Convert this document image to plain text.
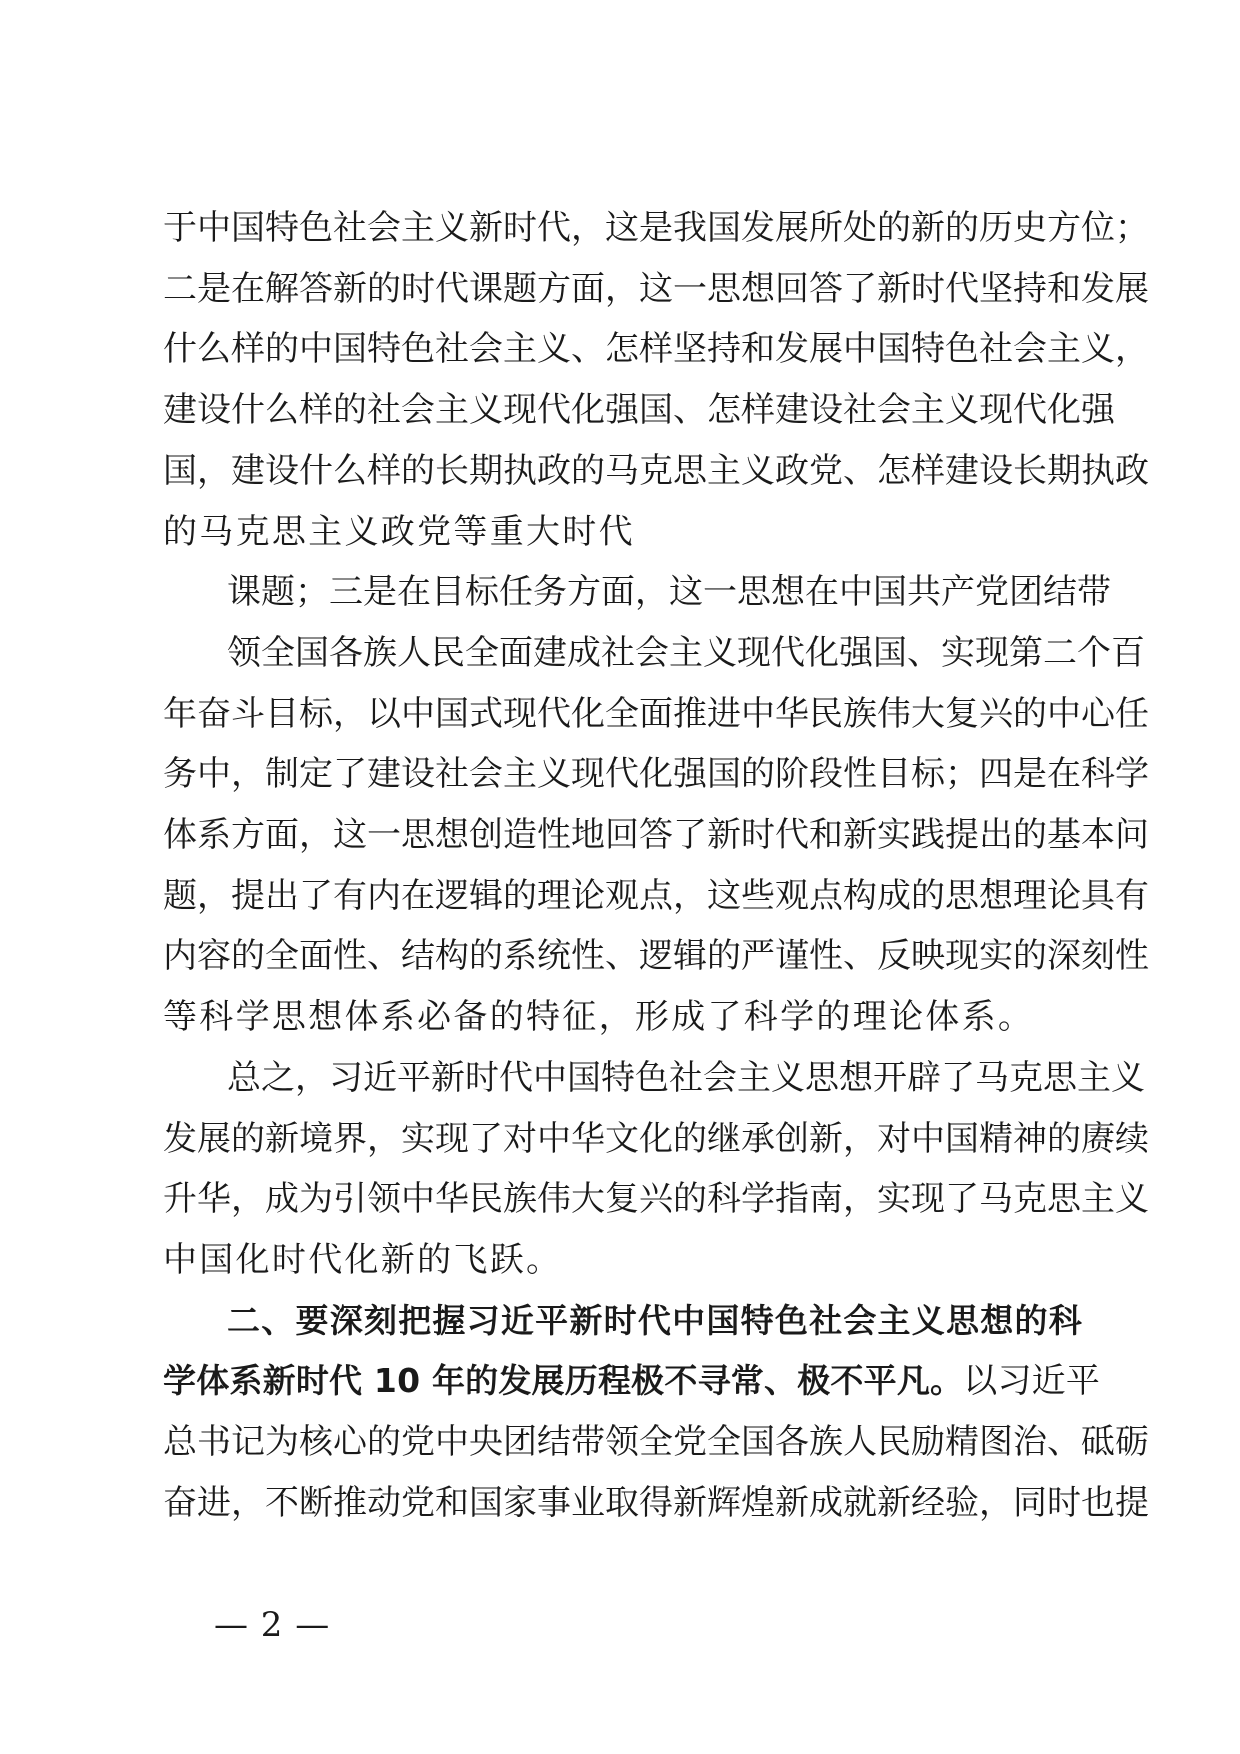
于中国特色社会主义新时代，这是我国发展所处的新的历史方位；
二是在解答新的时代课题方面，这一思想回答了新时代坚持和发展
什么样的中国特色社会主义、怎样坚持和发展中国特色社会主义，
建设什么样的社会主义现代化强国、怎样建设社会主义现代化强
国，建设什么样的长期执政的马克思主义政党、怎样建设长期执政
的马克思主义政党等重大时代
课题；三是在目标任务方面，这一思想在中国共产党团结带
领全国各族人民全面建成社会主义现代化强国、实现第二个百
年奋斗目标，以中国式现代化全面推进中华民族伟大复兴的中心任
务中，制定了建设社会主义现代化强国的阶段性目标；四是在科学
体系方面，这一思想创造性地回答了新时代和新实践提出的基本问
题，提出了有内在逻辑的理论观点，这些观点构成的思想理论具有
内容的全面性、结构的系统性、逻辑的严谨性、反映现实的深刻性
等科学思想体系必备的特征，形成了科学的理论体系。
总之，习近平新时代中国特色社会主义思想开辟了马克思主义
发展的新境界，实现了对中华文化的继承创新，对中国精神的赓续
升华，成为引领中华民族伟大复兴的科学指南，实现了马克思主义
中国化时代化新的飞跃。
二、要深刻把握习近平新时代中国特色社会主义思想的科
学体系新时代 10 年的发展历程极不寻常、极不平凡。以习近平
总书记为核心的党中央团结带领全党全国各族人民励精图治、砥砺
奋进，不断推动党和国家事业取得新辉煌新成就新经验，同时也提
— 2 —
